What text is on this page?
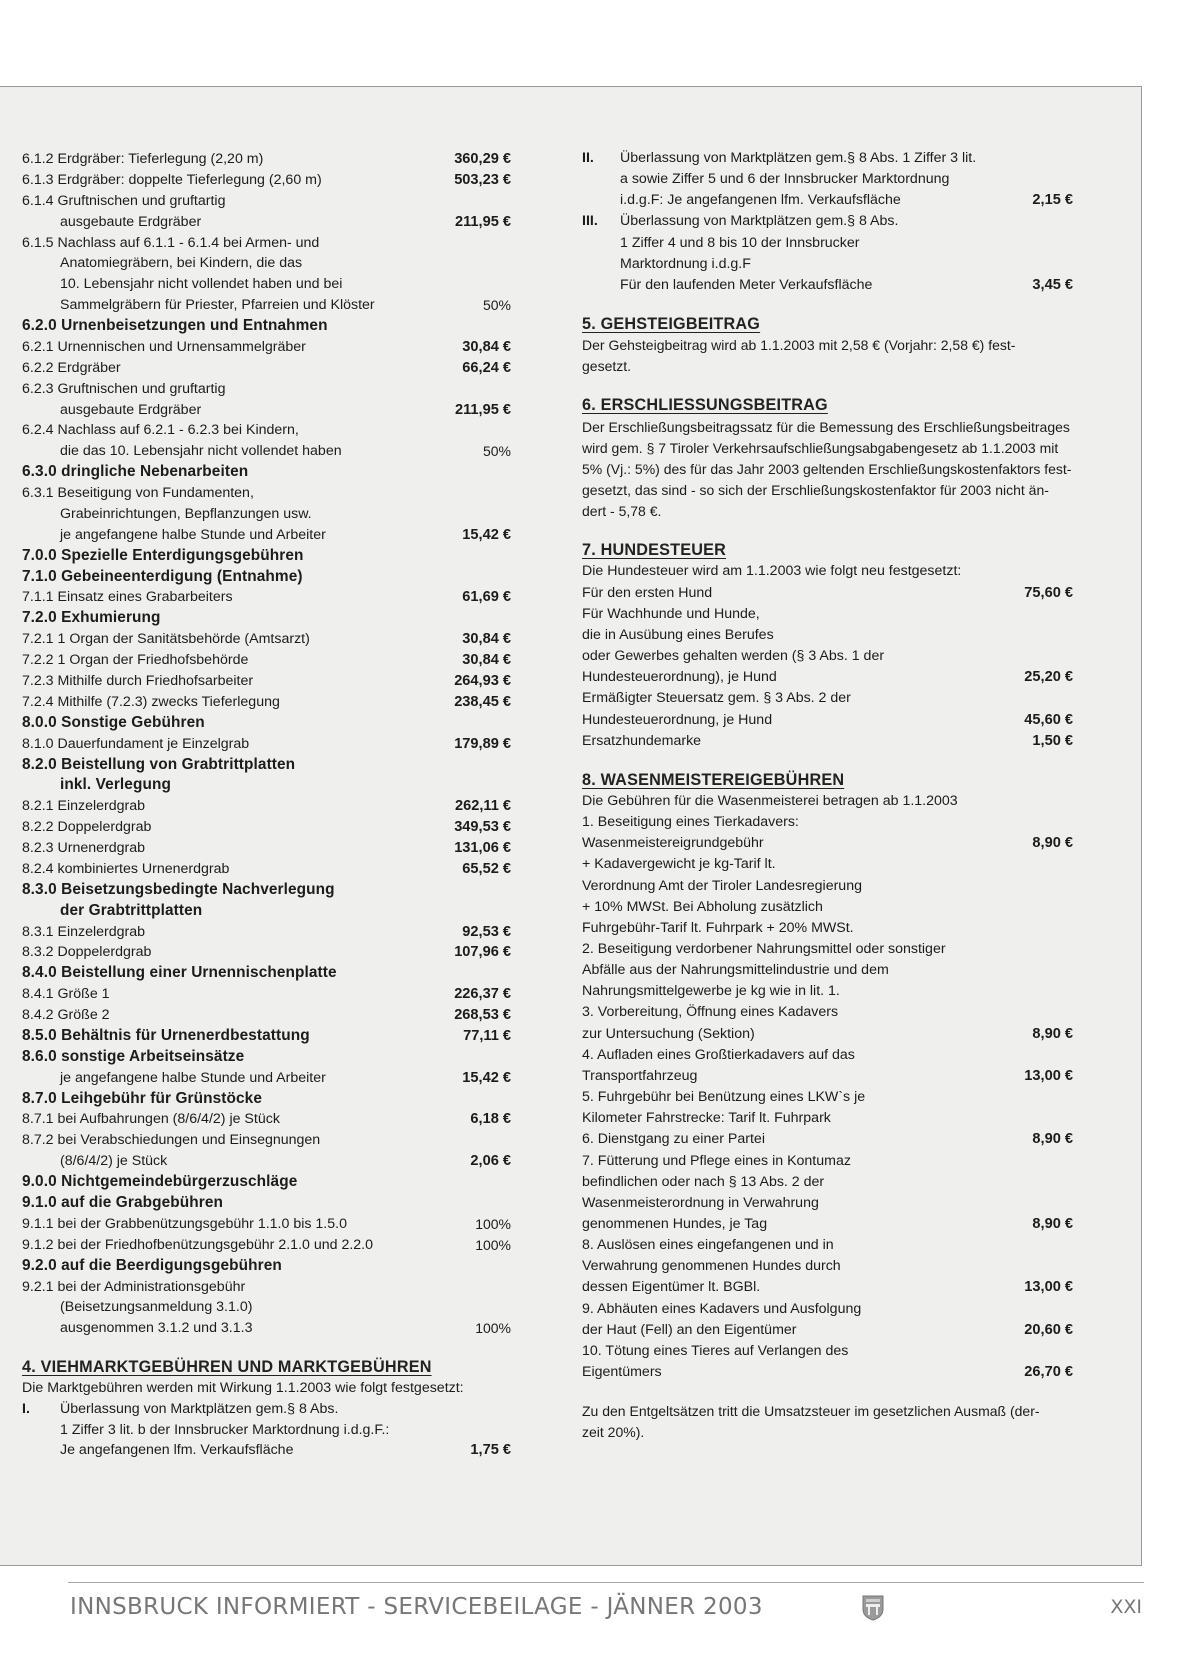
6.1.2 Erdgräber: Tieferlegung (2,20 m)	360,29 €
6.1.3 Erdgräber: doppelte Tieferlegung (2,60 m)	503,23 €
6.1.4 Gruftnischen und gruftartig
ausgebaute Erdgräber	211,95 €
6.1.5 Nachlass auf 6.1.1 - 6.1.4 bei Armen- und
Anatomiegräbern, bei Kindern, die das
10. Lebensjahr nicht vollendet haben und bei
Sammelgräbern für Priester, Pfarreien und Klöster	50%
6.2.0 Urnenbeisetzungen und Entnahmen
6.2.1 Urnennischen und Urnensammelgräber	30,84 €
6.2.2 Erdgräber	66,24 €
6.2.3 Gruftnischen und gruftartig
ausgebaute Erdgräber	211,95 €
6.2.4 Nachlass auf 6.2.1 - 6.2.3 bei Kindern,
die das 10. Lebensjahr nicht vollendet haben	50%
6.3.0 dringliche Nebenarbeiten
6.3.1 Beseitigung von Fundamenten,
Grabeinrichtungen, Bepflanzungen usw.
je angefangene halbe Stunde und Arbeiter	15,42 €
7.0.0 Spezielle Enterdigungsgebühren
7.1.0 Gebeineenterdigung (Entnahme)
7.1.1 Einsatz eines Grabarbeiters	61,69 €
7.2.0 Exhumierung
7.2.1 1 Organ der Sanitätsbehörde (Amtsarzt)	30,84 €
7.2.2 1 Organ der Friedhofsbehörde	30,84 €
7.2.3 Mithilfe durch Friedhofsarbeiter	264,93 €
7.2.4 Mithilfe (7.2.3) zwecks Tieferlegung	238,45 €
8.0.0 Sonstige Gebühren
8.1.0 Dauerfundament je Einzelgrab	179,89 €
8.2.0 Beistellung von Grabtrittplatten
inkl. Verlegung
8.2.1 Einzelerdgrab	262,11 €
8.2.2 Doppelerdgrab	349,53 €
8.2.3 Urnenerdgrab	131,06 €
8.2.4 kombiniertes Urnenerdgrab	65,52 €
8.3.0 Beisetzungsbedingte Nachverlegung
der Grabtrittplatten
8.3.1 Einzelerdgrab	92,53 €
8.3.2 Doppelerdgrab	107,96 €
8.4.0 Beistellung einer Urnennischenplatte
8.4.1 Größe 1	226,37 €
8.4.2 Größe 2	268,53 €
8.5.0 Behältnis für Urnenerdbestattung	77,11 €
8.6.0 sonstige Arbeitseinsätze
je angefangene halbe Stunde und Arbeiter	15,42 €
8.7.0 Leihgebühr für Grünstöcke
8.7.1 bei Aufbahrungen (8/6/4/2) je Stück	6,18 €
8.7.2 bei Verabschiedungen und Einsegnungen
(8/6/4/2) je Stück	2,06 €
9.0.0 Nichtgemeindebürgerzuschläge
9.1.0 auf die Grabgebühren
9.1.1 bei der Grabbenützungsgebühr 1.1.0 bis 1.5.0	100%
9.1.2 bei der Friedhofbenützungsgebühr 2.1.0 und 2.2.0	100%
9.2.0 auf die Beerdigungsgebühren
9.2.1 bei der Administrationsgebühr
(Beisetzungsanmeldung 3.1.0)
ausgenommen 3.1.2 und 3.1.3	100%
4. VIEHMARKTGEBÜHREN UND MARKTGEBÜHREN
Die Marktgebühren werden mit Wirkung 1.1.2003 wie folgt festgesetzt:
I. Überlassung von Marktplätzen gem.§ 8 Abs.
1 Ziffer 3 lit. b der Innsbrucker Marktordnung i.d.g.F.:
Je angefangenen lfm. Verkaufsfläche	1,75 €
II. Überlassung von Marktplätzen gem.§ 8 Abs. 1 Ziffer 3 lit.
a sowie Ziffer 5 und 6 der Innsbrucker Marktordnung
i.d.g.F: Je angefangenen lfm. Verkaufsfläche	2,15 €
III. Überlassung von Marktplätzen gem.§ 8 Abs.
1 Ziffer 4 und 8 bis 10 der Innsbrucker
Marktordnung i.d.g.F
Für den laufenden Meter Verkaufsfläche	3,45 €
5. GEHSTEIGBEITRAG
Der Gehsteigbeitrag wird ab 1.1.2003 mit 2,58 € (Vorjahr: 2,58 €) fest-
gesetzt.
6. ERSCHLIESSUNGSBEITRAG
Der Erschließungsbeitragssatz für die Bemessung des Erschließungsbeitrages
wird gem. § 7 Tiroler Verkehrsaufschließungsabgabengesetz ab 1.1.2003 mit
5% (Vj.: 5%) des für das Jahr 2003 geltenden Erschließungskostenfaktors fest-
gesetzt, das sind - so sich der Erschließungskostenfaktor für 2003 nicht än-
dert - 5,78 €.
7. HUNDESTEUER
Die Hundesteuer wird am 1.1.2003 wie folgt neu festgesetzt:
Für den ersten Hund	75,60 €
Für Wachhunde und Hunde,
die in Ausübung eines Berufes
oder Gewerbes gehalten werden (§ 3 Abs. 1 der
Hundesteuerordnung), je Hund	25,20 €
Ermäßigter Steuersatz gem. § 3 Abs. 2 der
Hundesteuerordnung, je Hund	45,60 €
Ersatzhundemarke	1,50 €
8. WASENMEISTEREIGEBÜHREN
Die Gebühren für die Wasenmeisterei betragen ab 1.1.2003
1. Beseitigung eines Tierkadavers:
Wasenmeistereigrundgebühr	8,90 €
+ Kadavergewicht je kg-Tarif lt.
Verordnung Amt der Tiroler Landesregierung
+ 10% MWSt. Bei Abholung zusätzlich
Fuhrgebühr-Tarif lt. Fuhrpark + 20% MWSt.
2. Beseitigung verdorbener Nahrungsmittel oder sonstiger
Abfälle aus der Nahrungsmittelindustrie und dem
Nahrungsmittelgewerbe je kg wie in lit. 1.
3. Vorbereitung, Öffnung eines Kadavers
zur Untersuchung (Sektion)	8,90 €
4. Aufladen eines Großtierkadavers auf das
Transportfahrzeug	13,00 €
5. Fuhrgebühr bei Benützung eines LKW`s je
Kilometer Fahrstrecke: Tarif lt. Fuhrpark
6. Dienstgang zu einer Partei	8,90 €
7. Fütterung und Pflege eines in Kontumaz
befindlichen oder nach § 13 Abs. 2 der
Wasenmeisterordnung in Verwahrung
genommenen Hundes, je Tag	8,90 €
8. Auslösen eines eingefangenen und in
Verwahrung genommenen Hundes durch
dessen Eigentümer lt. BGBl.	13,00 €
9. Abhäuten eines Kadavers und Ausfolgung
der Haut (Fell) an den Eigentümer	20,60 €
10. Tötung eines Tieres auf Verlangen des
Eigentümers	26,70 €
Zu den Entgeltsätzen tritt die Umsatzsteuer im gesetzlichen Ausmaß (der-
zeit 20%).
INNSBRUCK INFORMIERT - SERVICEBEILAGE - JÄNNER 2003	XXI
